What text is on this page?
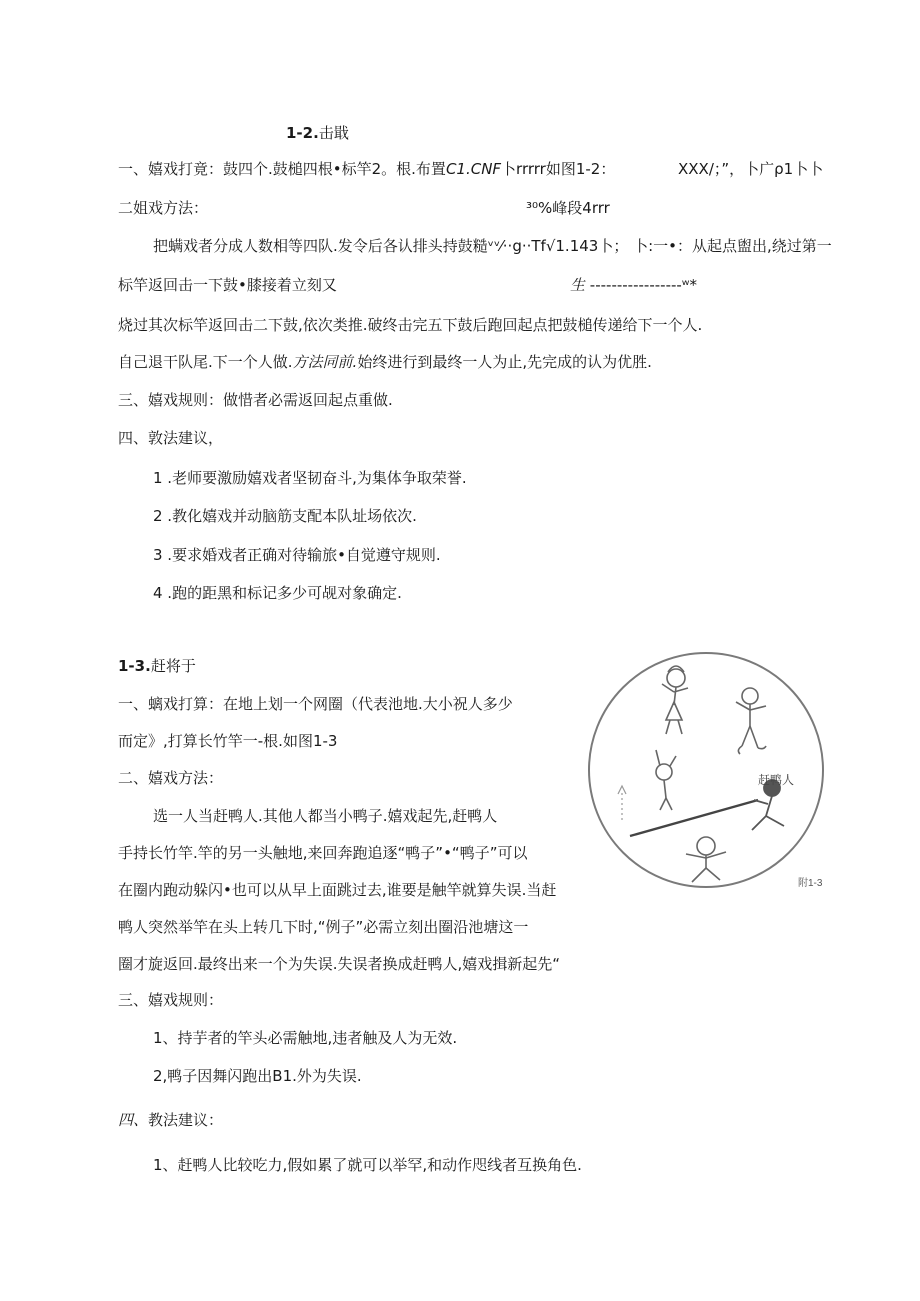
1-2.击戢
一、嬉戏打竟：鼓四个.鼓槌四根•标竿2。根.布置C1.CNF卜rrrrr如图1-2：	XXX/；”，卜广ρ1卜卜
二姐戏方法：	³⁰%峰段4rrr
把螨戏者分成人数相等四队.发令后各认排头持鼓糙ᵛᵛ⁄··g··Tf√1.143卜； 卜:一•：从起点盥出,绕过第一
标竿返回击一下鼓•膝接着立刻又	生 -----------------ʷ*
烧过其次标竿返回击二下鼓,依次类推.破终击完五下鼓后跑回起点把鼓槌传递给下一个人.
自己退干队尾.下一个人做.方法同前.始终进行到最终一人为止,先完成的认为优胜.
三、嬉戏规则：做惜者必需返回起点重做.
四、敦法建议，
1 .老师要激励嬉戏者坚韧奋斗,为集体争取荣誉.
2 .教化嬉戏并动脑筋支配本队址场依次.
3 .要求婚戏者正确对待输旅•自觉遵守规则.
4 .跑的距黑和标记多少可觇对象确定.
1-3.赶将于
一、螭戏打算：在地上划一个网圈（代表池地.大小祝人多少
而定》,打算长竹竿一-根.如图1-3
二、嬉戏方法：
选一人当赶鸭人.其他人都当小鸭子.嬉戏起先,赶鸭人
手持长竹竿.竿的另一头触地,来回奔跑追逐“鸭子”•“鸭子”可以
在圈内跑动躲闪•也可以从早上面跳过去,谁要是触竿就算失误.当赶
鸭人突然举竿在头上转几下时,“例子”必需立刻出圈沿池塘这一
圈才旋返回.最终出来一个为失误.失误者换成赶鸭人,嬉戏揖新起先“
三、嬉戏规则：
1、持芋者的竿头必需触地,违者触及人为无效.
2,鸭子因舞闪跑出B1.外为失误.
四、教法建议：
1、赶鸭人比较吃力,假如累了就可以举罕,和动作咫线者互换角色.
赶鸭人
附1-3
